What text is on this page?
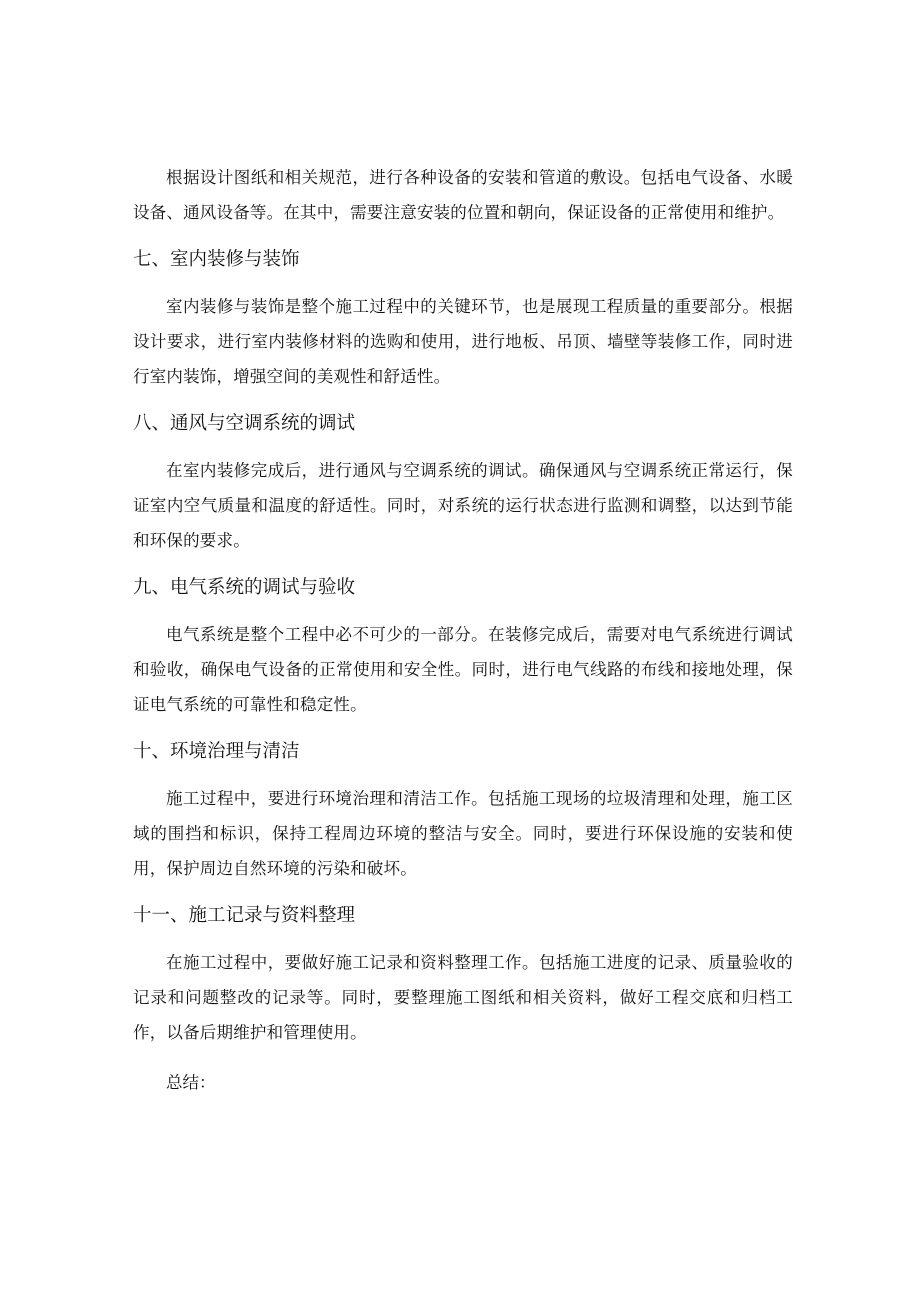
根据设计图纸和相关规范，进行各种设备的安装和管道的敷设。包括电气设备、水暖设备、通风设备等。在其中，需要注意安装的位置和朝向，保证设备的正常使用和维护。

七、室内装修与装饰

室内装修与装饰是整个施工过程中的关键环节，也是展现工程质量的重要部分。根据设计要求，进行室内装修材料的选购和使用，进行地板、吊顶、墙壁等装修工作，同时进行室内装饰，增强空间的美观性和舒适性。

八、通风与空调系统的调试

在室内装修完成后，进行通风与空调系统的调试。确保通风与空调系统正常运行，保证室内空气质量和温度的舒适性。同时，对系统的运行状态进行监测和调整，以达到节能和环保的要求。

九、电气系统的调试与验收

电气系统是整个工程中必不可少的一部分。在装修完成后，需要对电气系统进行调试和验收，确保电气设备的正常使用和安全性。同时，进行电气线路的布线和接地处理，保证电气系统的可靠性和稳定性。

十、环境治理与清洁

施工过程中，要进行环境治理和清洁工作。包括施工现场的垃圾清理和处理，施工区域的围挡和标识，保持工程周边环境的整洁与安全。同时，要进行环保设施的安装和使用，保护周边自然环境的污染和破坏。

十一、施工记录与资料整理

在施工过程中，要做好施工记录和资料整理工作。包括施工进度的记录、质量验收的记录和问题整改的记录等。同时，要整理施工图纸和相关资料，做好工程交底和归档工作，以备后期维护和管理使用。

总结：
